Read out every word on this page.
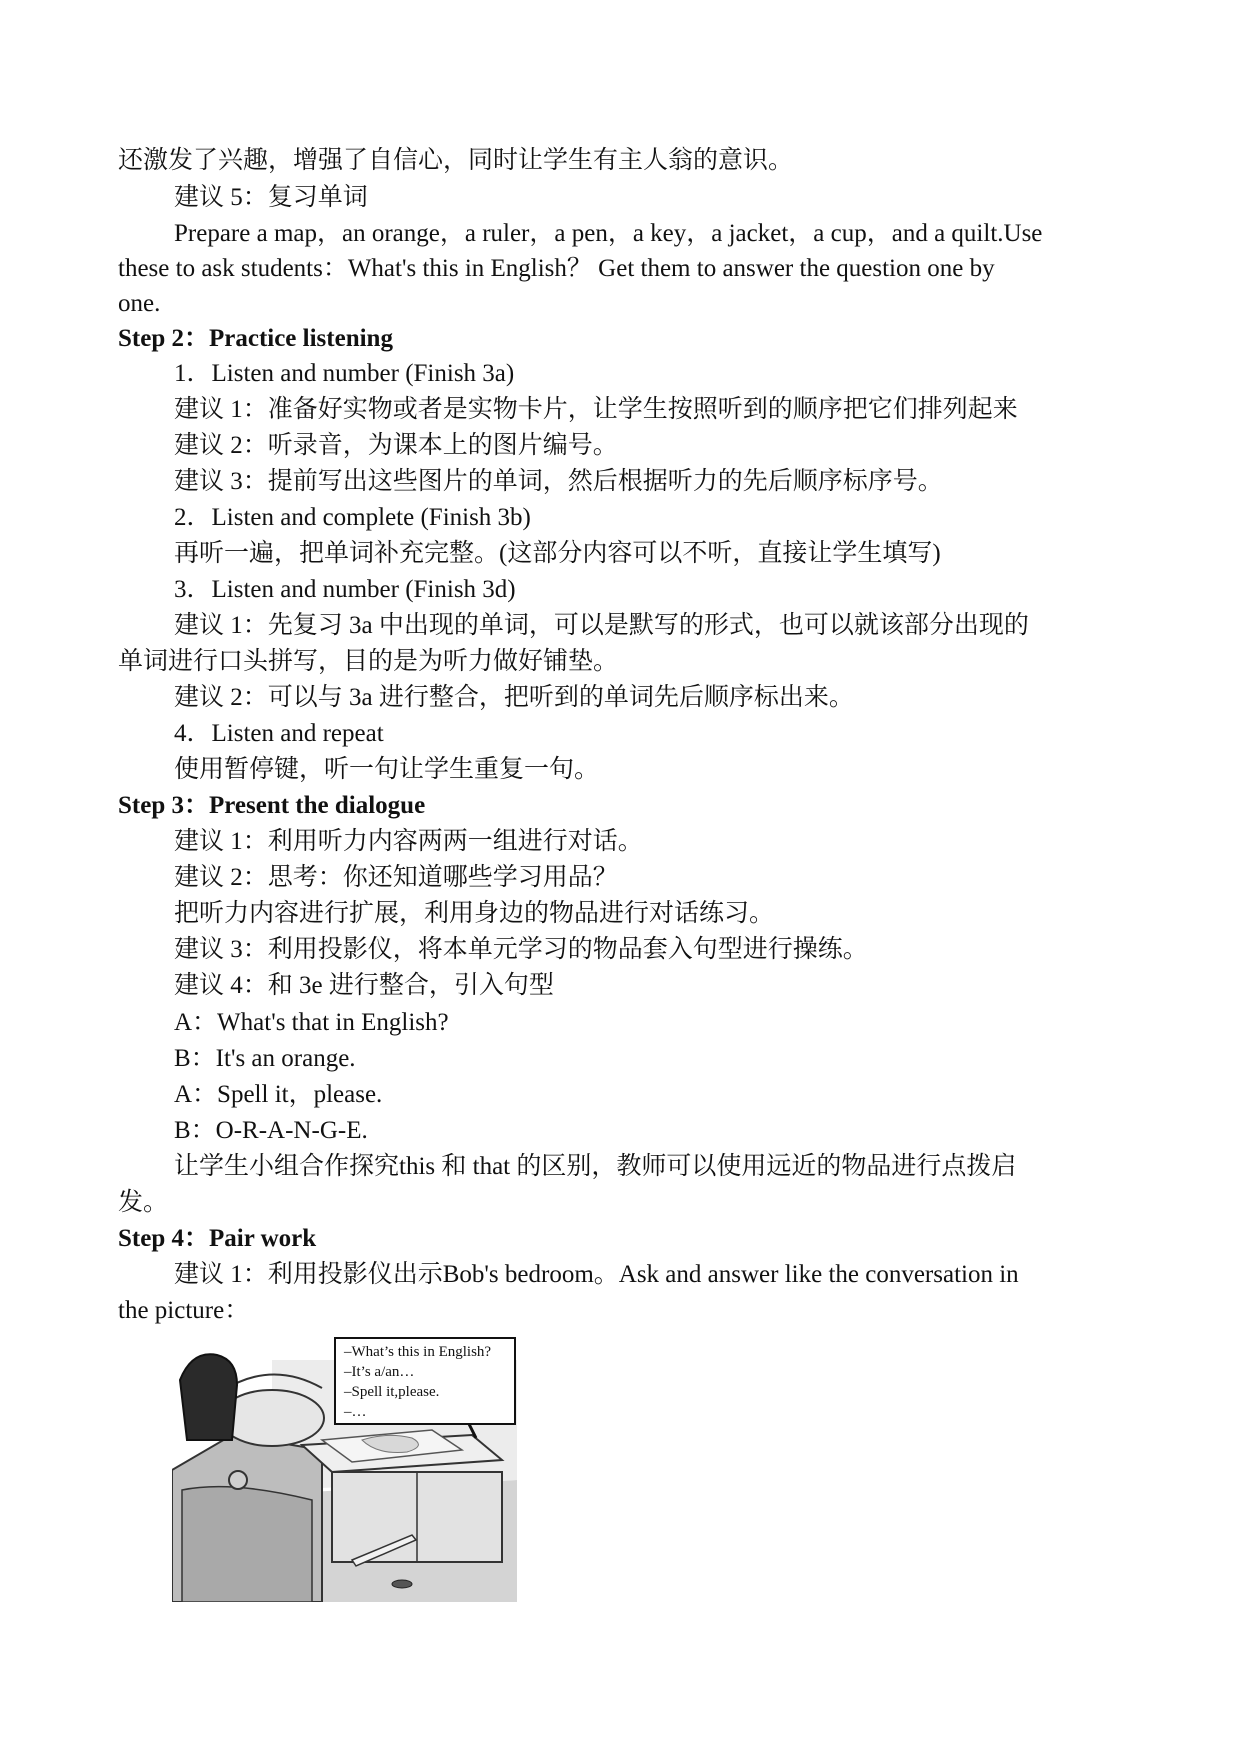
还激发了兴趣，增强了自信心，同时让学生有主人翁的意识。
建议 5：复习单词
Prepare a map，an orange，a ruler，a pen，a key，a jacket，a cup，and a quilt.Use
these to ask students：What's this in English？ Get them to answer the question one by
one.
Step 2：Practice listening
1．Listen and number (Finish 3a)
建议 1：准备好实物或者是实物卡片，让学生按照听到的顺序把它们排列起来
建议 2：听录音，为课本上的图片编号。
建议 3：提前写出这些图片的单词，然后根据听力的先后顺序标序号。
2．Listen and complete (Finish 3b)
再听一遍，把单词补充完整。(这部分内容可以不听，直接让学生填写)
3．Listen and number (Finish 3d)
建议 1：先复习 3a 中出现的单词，可以是默写的形式，也可以就该部分出现的
单词进行口头拼写，目的是为听力做好铺垫。
建议 2：可以与 3a 进行整合，把听到的单词先后顺序标出来。
4．Listen and repeat
使用暂停键，听一句让学生重复一句。
Step 3：Present the dialogue
建议 1：利用听力内容两两一组进行对话。
建议 2：思考：你还知道哪些学习用品？
把听力内容进行扩展，利用身边的物品进行对话练习。
建议 3：利用投影仪，将本单元学习的物品套入句型进行操练。
建议 4：和 3e 进行整合，引入句型
A：What's that in English?
B：It's an orange.
A：Spell it，please.
B：O-R-A-N-G-E.
让学生小组合作探究this 和 that 的区别，教师可以使用远近的物品进行点拨启
发。
Step 4：Pair work
建议 1：利用投影仪出示Bob's bedroom。Ask and answer like the conversation in
the picture：
–What’s this in English?
–It’s a/an…
–Spell it,please.
–…
